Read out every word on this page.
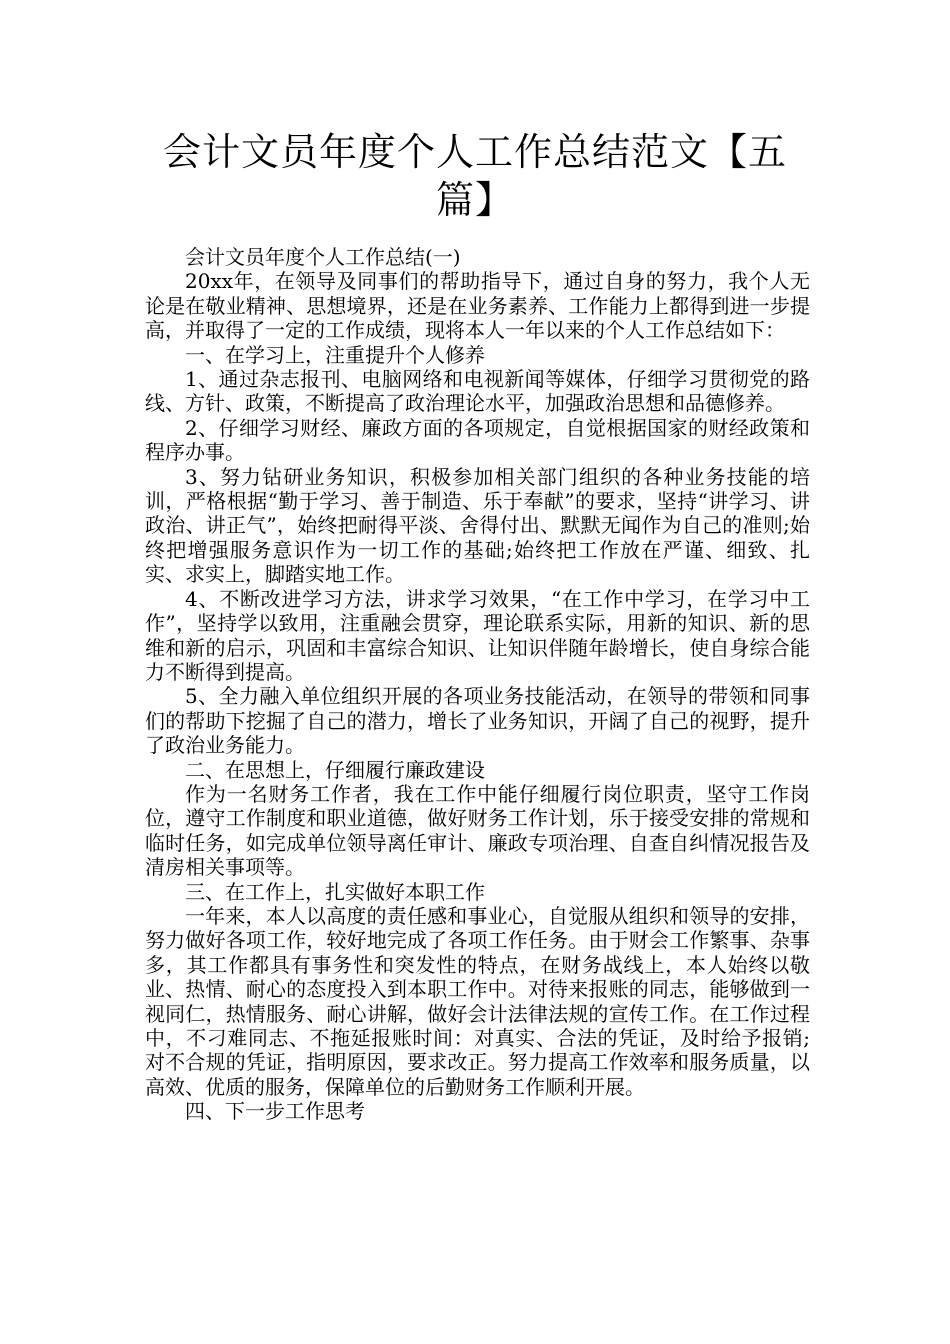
会计文员年度个人工作总结范文【五篇】

会计文员年度个人工作总结(一)

20xx年，在领导及同事们的帮助指导下，通过自身的努力，我个人无论是在敬业精神、思想境界，还是在业务素养、工作能力上都得到进一步提高，并取得了一定的工作成绩，现将本人一年以来的个人工作总结如下：

一、在学习上，注重提升个人修养

1、通过杂志报刊、电脑网络和电视新闻等媒体，仔细学习贯彻党的路线、方针、政策，不断提高了政治理论水平，加强政治思想和品德修养。

2、仔细学习财经、廉政方面的各项规定，自觉根据国家的财经政策和程序办事。

3、努力钻研业务知识，积极参加相关部门组织的各种业务技能的培训，严格根据“勤于学习、善于制造、乐于奉献”的要求，坚持“讲学习、讲政治、讲正气”，始终把耐得平淡、舍得付出、默默无闻作为自己的准则;始终把增强服务意识作为一切工作的基础;始终把工作放在严谨、细致、扎实、求实上，脚踏实地工作。

4、不断改进学习方法，讲求学习效果，“在工作中学习，在学习中工作”，坚持学以致用，注重融会贯穿，理论联系实际，用新的知识、新的思维和新的启示，巩固和丰富综合知识、让知识伴随年龄增长，使自身综合能力不断得到提高。

5、全力融入单位组织开展的各项业务技能活动，在领导的带领和同事们的帮助下挖掘了自己的潜力，增长了业务知识，开阔了自己的视野，提升了政治业务能力。

二、在思想上，仔细履行廉政建设

作为一名财务工作者，我在工作中能仔细履行岗位职责，坚守工作岗位，遵守工作制度和职业道德，做好财务工作计划，乐于接受安排的常规和临时任务，如完成单位领导离任审计、廉政专项治理、自查自纠情况报告及清房相关事项等。

三、在工作上，扎实做好本职工作

一年来，本人以高度的责任感和事业心，自觉服从组织和领导的安排，努力做好各项工作，较好地完成了各项工作任务。由于财会工作繁事、杂事多，其工作都具有事务性和突发性的特点，在财务战线上，本人始终以敬业、热情、耐心的态度投入到本职工作中。对待来报账的同志，能够做到一视同仁，热情服务、耐心讲解，做好会计法律法规的宣传工作。在工作过程中，不刁难同志、不拖延报账时间：对真实、合法的凭证，及时给予报销;对不合规的凭证，指明原因，要求改正。努力提高工作效率和服务质量，以高效、优质的服务，保障单位的后勤财务工作顺利开展。

四、下一步工作思考
